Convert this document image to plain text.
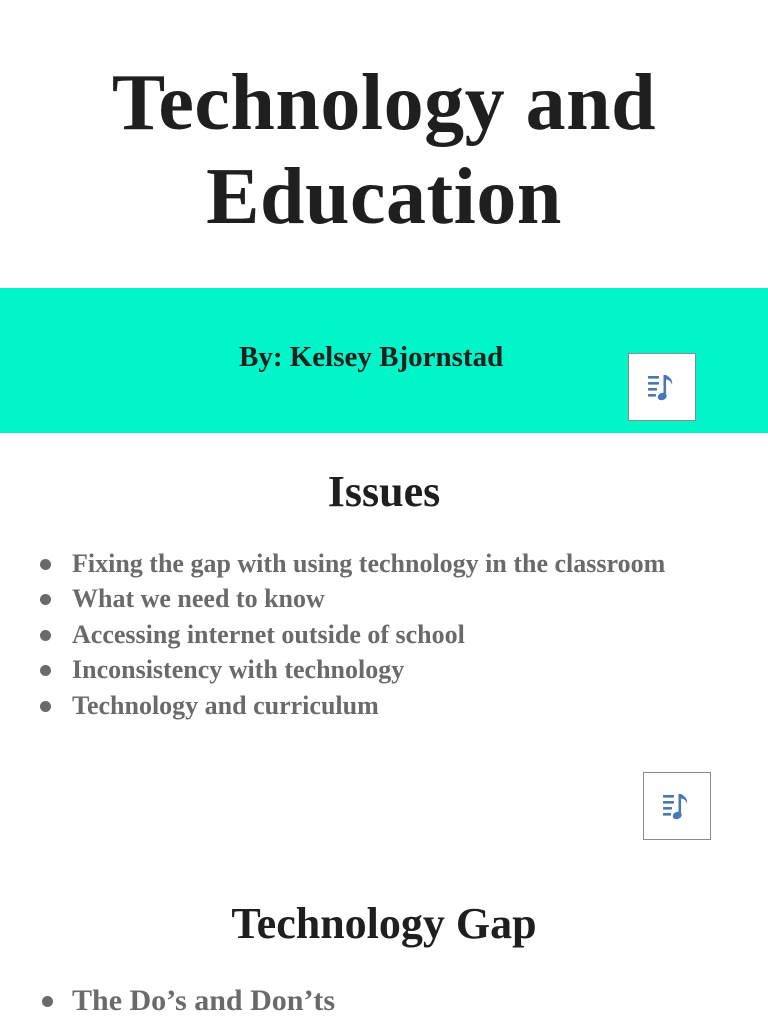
Technology and
Education

By: Kelsey Bjornstad

Issues
Fixing the gap with using technology in the classroom
What we need to know
Accessing internet outside of school
Inconsistency with technology
Technology and curriculum
Technology Gap
The Do’s and Don’ts
